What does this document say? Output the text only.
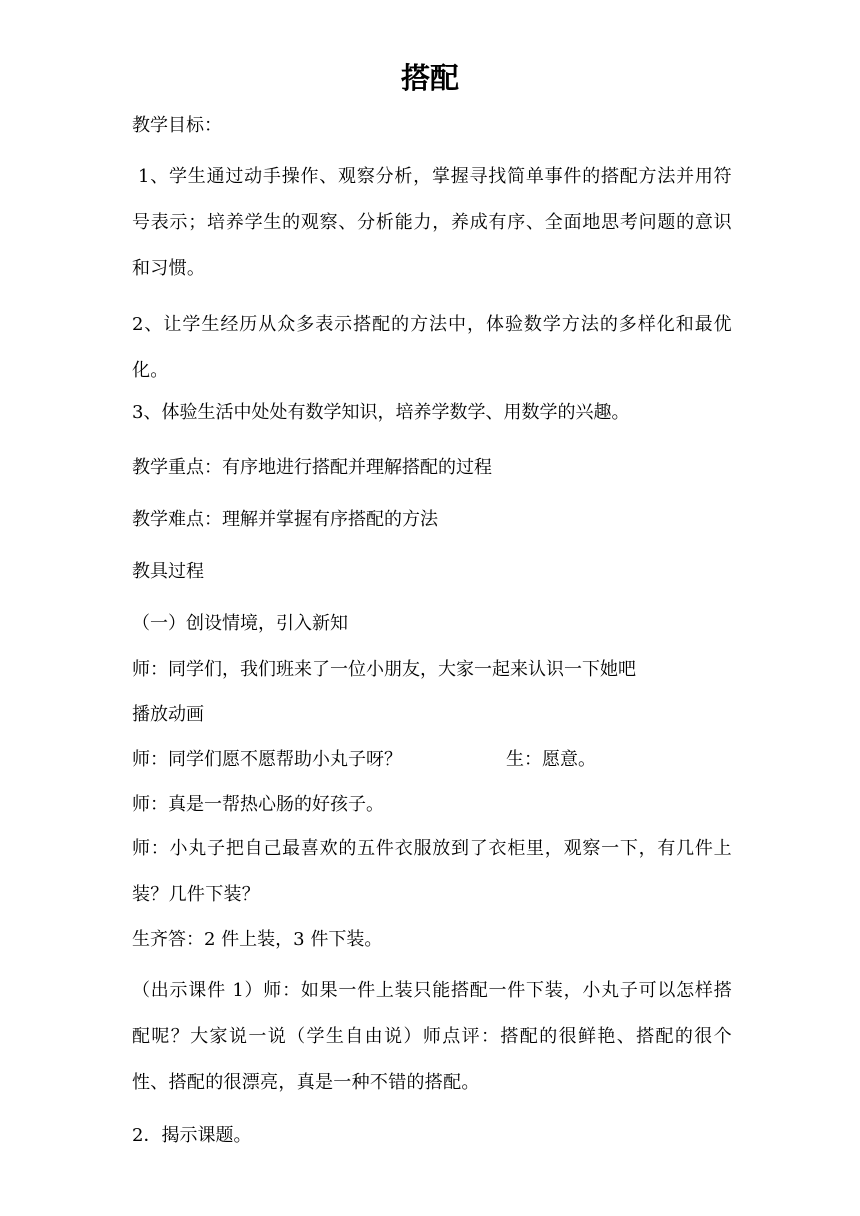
搭配
教学目标：
1、学生通过动手操作、观察分析，掌握寻找简单事件的搭配方法并用符号表示；培养学生的观察、分析能力，养成有序、全面地思考问题的意识和习惯。
2、让学生经历从众多表示搭配的方法中，体验数学方法的多样化和最优化。
3、体验生活中处处有数学知识，培养学数学、用数学的兴趣。
教学重点：有序地进行搭配并理解搭配的过程
教学难点：理解并掌握有序搭配的方法
教具过程
（一）创设情境，引入新知
师：同学们，我们班来了一位小朋友，大家一起来认识一下她吧
播放动画
师：同学们愿不愿帮助小丸子呀？	生：愿意。
师：真是一帮热心肠的好孩子。
师：小丸子把自己最喜欢的五件衣服放到了衣柜里，观察一下，有几件上装？几件下装？
生齐答：2 件上装，3 件下装。
（出示课件 1）师：如果一件上装只能搭配一件下装，小丸子可以怎样搭配呢？大家说一说（学生自由说）师点评：搭配的很鲜艳、搭配的很个性、搭配的很漂亮，真是一种不错的搭配。
2．揭示课题。
